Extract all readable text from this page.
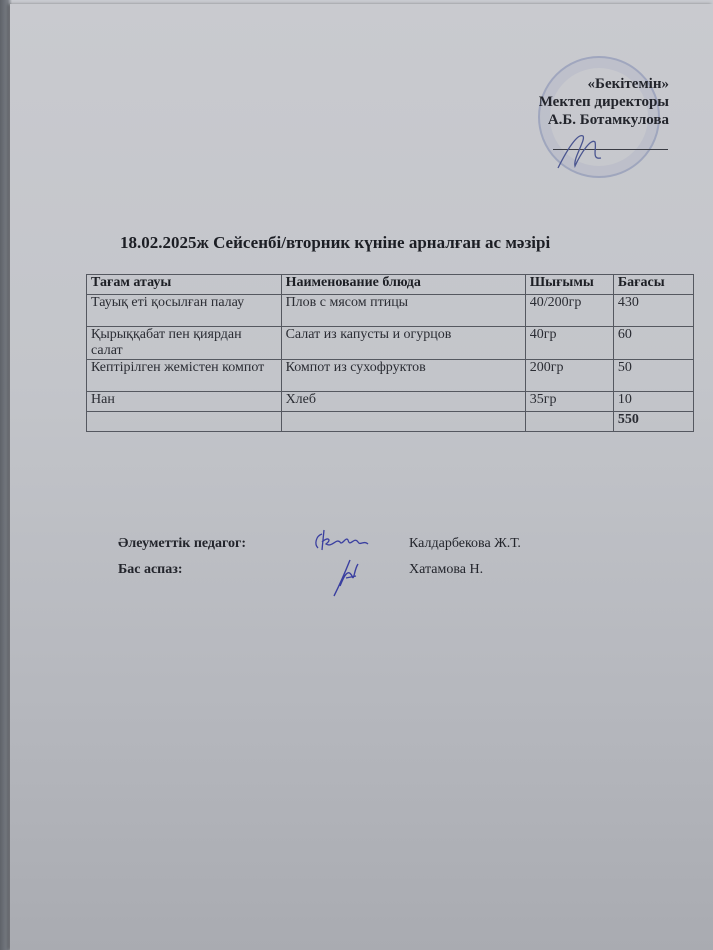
«Бекітемін»
Мектеп директоры
А.Б. Ботамкулова
18.02.2025ж Сейсенбі/вторник күніне арналған ас мәзірі
Тағам атауы	Наименование блюда	Шығымы	Бағасы
Тауық еті қосылған палау	Плов с мясом птицы	40/200гр	430
Қырыққабат пен қиярдан салат	Салат из капусты и огурцов	40гр	60
Кептірілген жемістен компот	Компот из сухофруктов	200гр	50
Нан	Хлеб	35гр	10
			550
Әлеуметтік педагог:	Калдарбекова Ж.Т.
Бас аспаз:	Хатамова Н.
